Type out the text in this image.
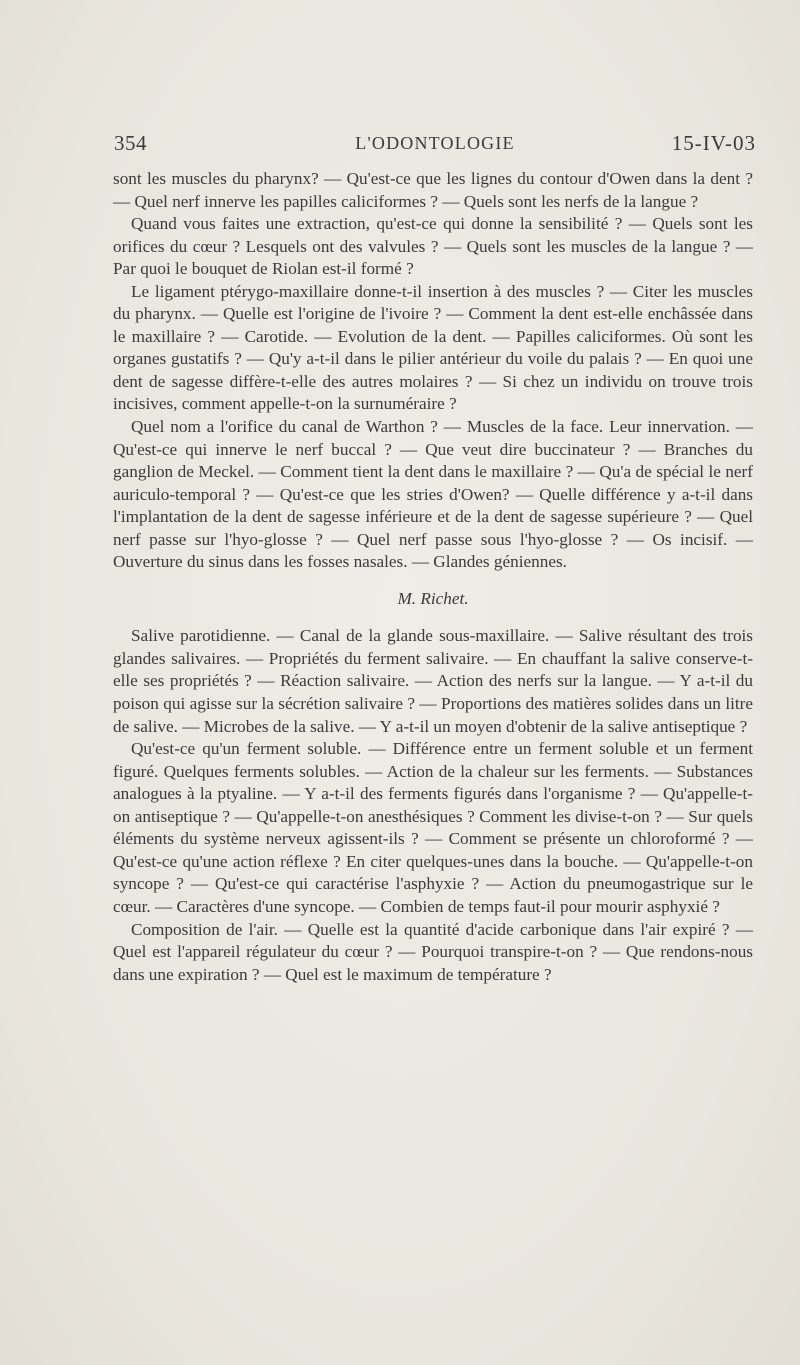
354	L'ODONTOLOGIE	15-IV-03

sont les muscles du pharynx? — Qu'est-ce que les lignes du contour d'Owen dans la dent ? — Quel nerf innerve les papilles caliciformes ? — Quels sont les nerfs de la langue ?

Quand vous faites une extraction, qu'est-ce qui donne la sensibilité ? — Quels sont les orifices du cœur ? Lesquels ont des valvules ? — Quels sont les muscles de la langue ? — Par quoi le bouquet de Riolan est-il formé ?

Le ligament ptérygo-maxillaire donne-t-il insertion à des muscles ? — Citer les muscles du pharynx. — Quelle est l'origine de l'ivoire ? — Comment la dent est-elle enchâssée dans le maxillaire ? — Carotide. — Evolution de la dent. — Papilles caliciformes. Où sont les organes gustatifs ? — Qu'y a-t-il dans le pilier antérieur du voile du palais ? — En quoi une dent de sagesse diffère-t-elle des autres molaires ? — Si chez un individu on trouve trois incisives, comment appelle-t-on la surnuméraire ?

Quel nom a l'orifice du canal de Warthon ? — Muscles de la face. Leur innervation. — Qu'est-ce qui innerve le nerf buccal ? — Que veut dire buccinateur ? — Branches du ganglion de Meckel. — Comment tient la dent dans le maxillaire ? — Qu'a de spécial le nerf auriculo-temporal ? — Qu'est-ce que les stries d'Owen? — Quelle différence y a-t-il dans l'implantation de la dent de sagesse inférieure et de la dent de sagesse supérieure ? — Quel nerf passe sur l'hyo-glosse ? — Quel nerf passe sous l'hyo-glosse ? — Os incisif. — Ouverture du sinus dans les fosses nasales. — Glandes géniennes.

M. Richet.

Salive parotidienne. — Canal de la glande sous-maxillaire. — Salive résultant des trois glandes salivaires. — Propriétés du ferment salivaire. — En chauffant la salive conserve-t-elle ses propriétés ? — Réaction salivaire. — Action des nerfs sur la langue. — Y a-t-il du poison qui agisse sur la sécrétion salivaire ? — Proportions des matières solides dans un litre de salive. — Microbes de la salive. — Y a-t-il un moyen d'obtenir de la salive antiseptique ?

Qu'est-ce qu'un ferment soluble. — Différence entre un ferment soluble et un ferment figuré. Quelques ferments solubles. — Action de la chaleur sur les ferments. — Substances analogues à la ptyaline. — Y a-t-il des ferments figurés dans l'organisme ? — Qu'appelle-t-on antiseptique ? — Qu'appelle-t-on anesthésiques ? Comment les divise-t-on ? — Sur quels éléments du système nerveux agissent-ils ? — Comment se présente un chloroformé ? — Qu'est-ce qu'une action réflexe ? En citer quelques-unes dans la bouche. — Qu'appelle-t-on syncope ? — Qu'est-ce qui caractérise l'asphyxie ? — Action du pneumogastrique sur le cœur. — Caractères d'une syncope. — Combien de temps faut-il pour mourir asphyxié ?

Composition de l'air. — Quelle est la quantité d'acide carbonique dans l'air expiré ? — Quel est l'appareil régulateur du cœur ? — Pourquoi transpire-t-on ? — Que rendons-nous dans une expiration ? — Quel est le maximum de température ?
